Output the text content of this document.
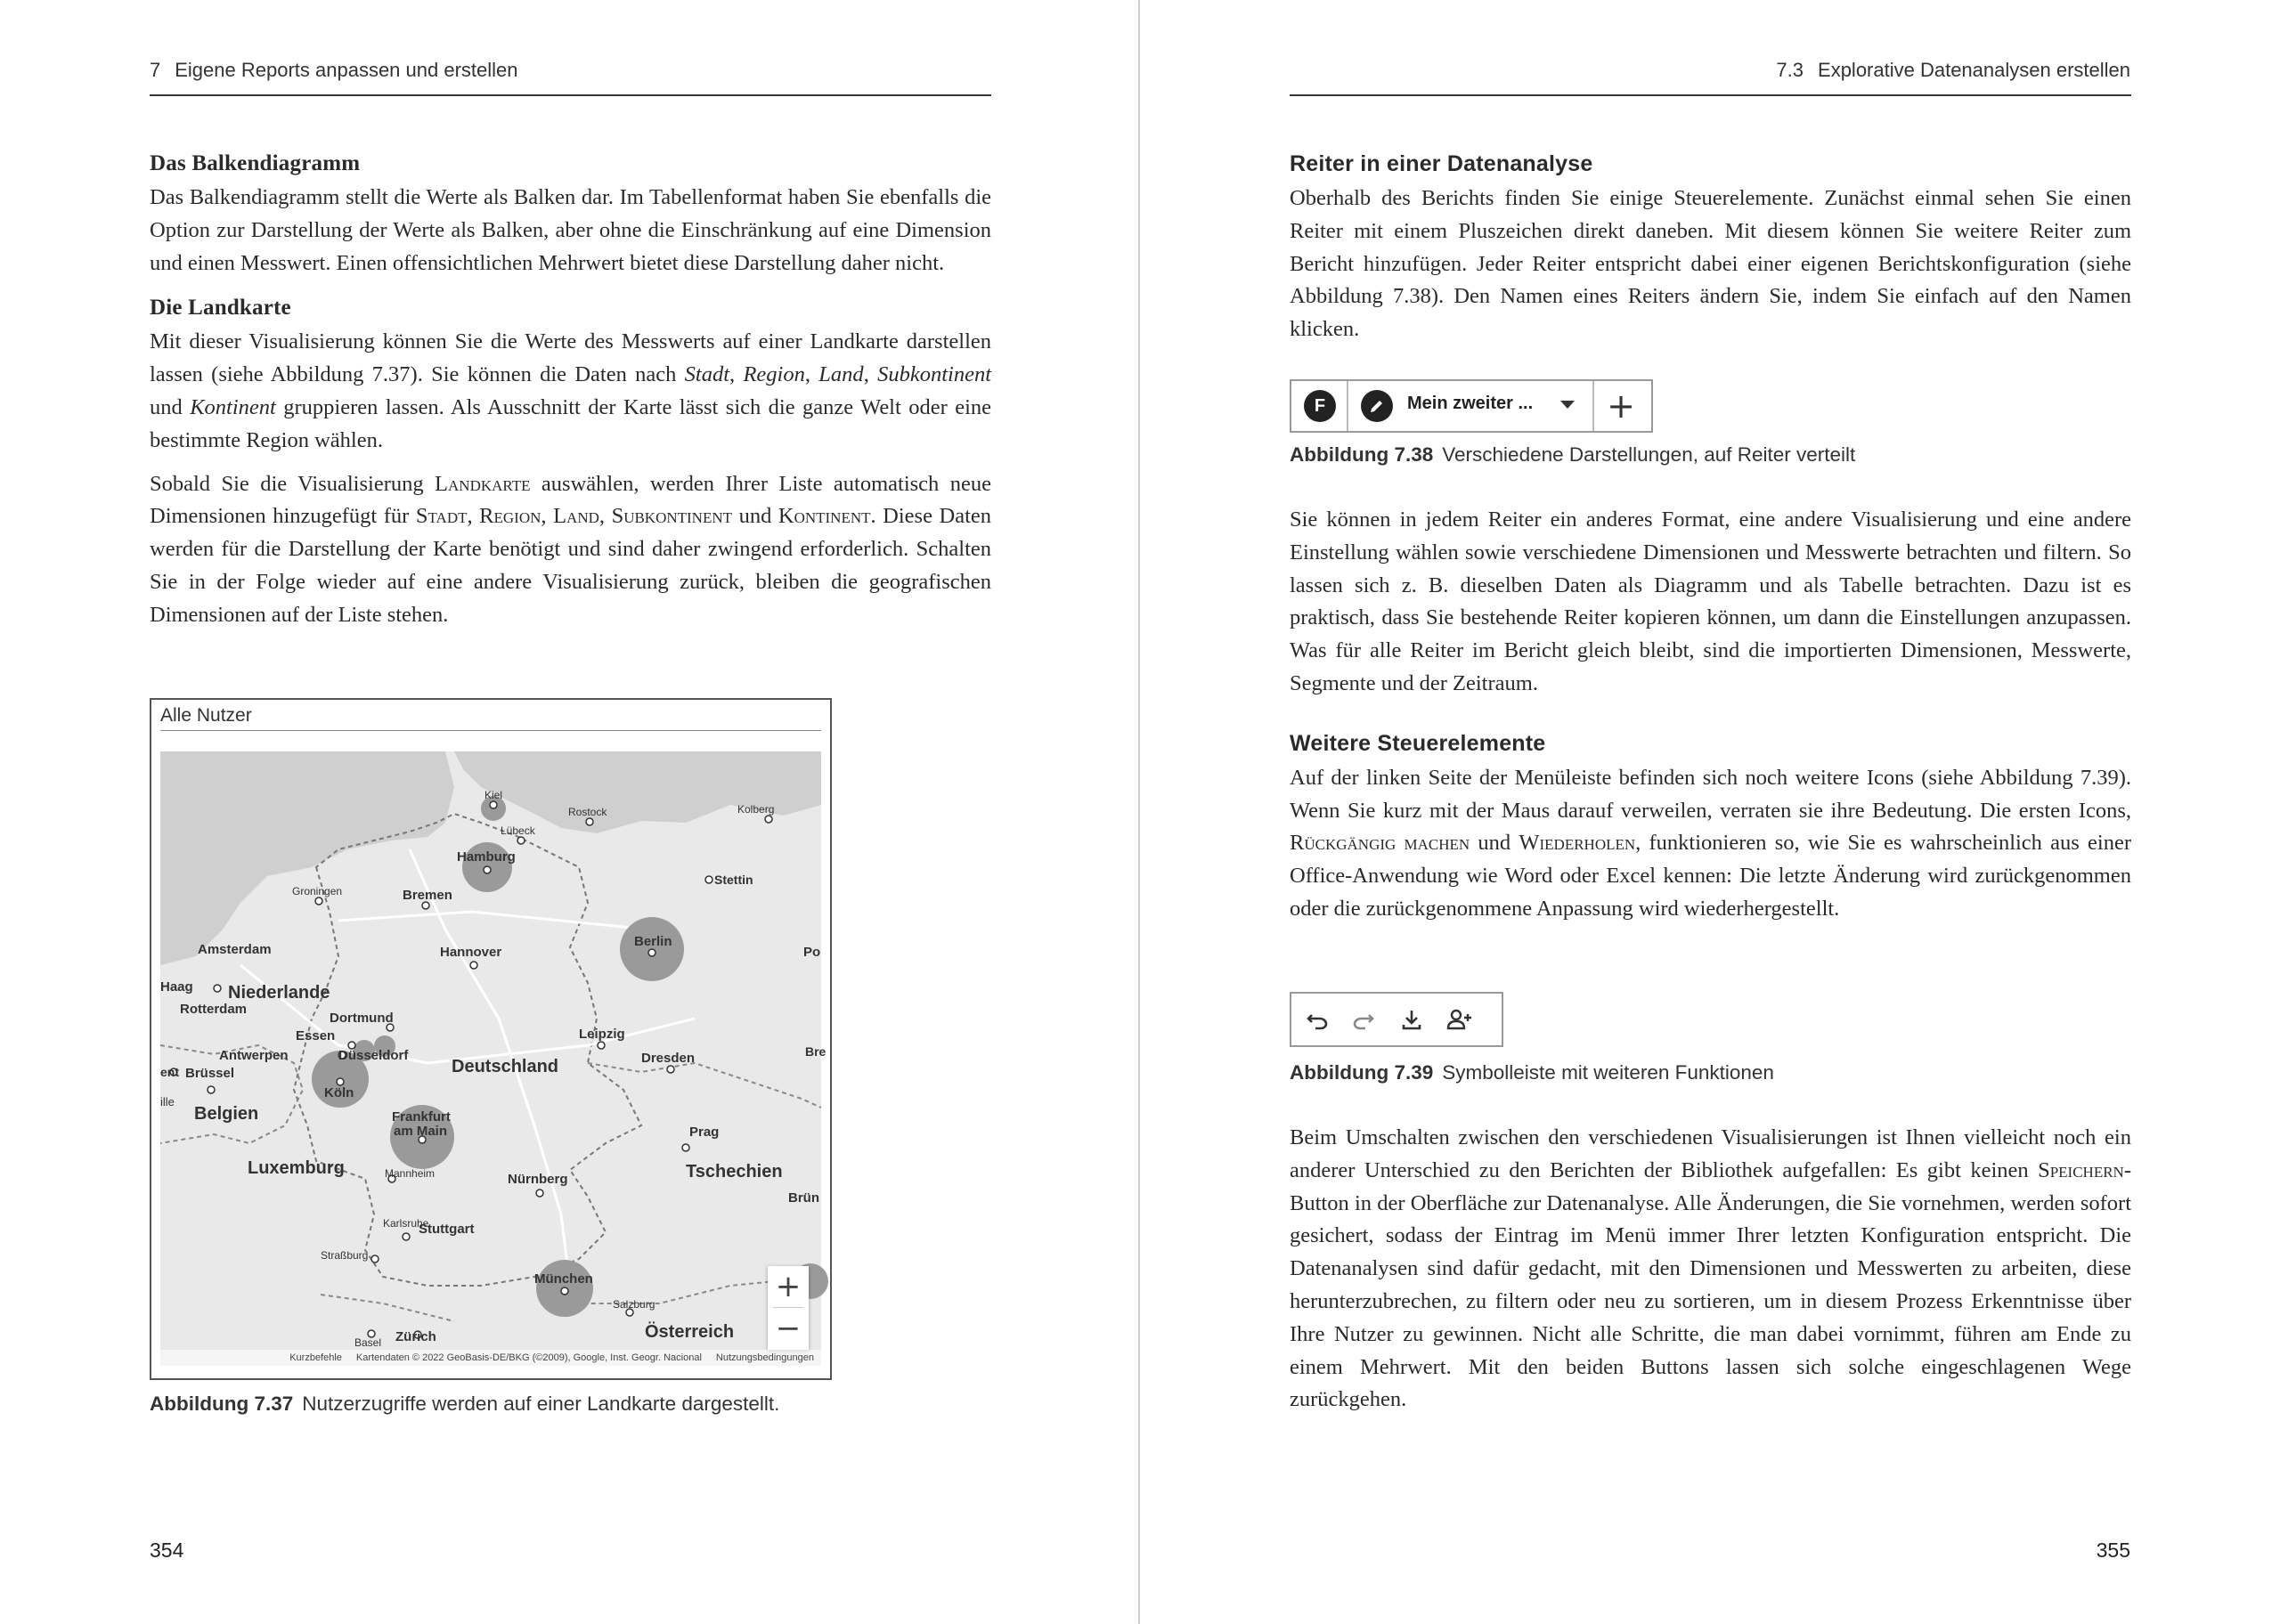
7 Eigene Reports anpassen und erstellen
Das Balkendiagramm
Das Balkendiagramm stellt die Werte als Balken dar. Im Tabellenformat haben Sie ebenfalls die Option zur Darstellung der Werte als Balken, aber ohne die Einschränkung auf eine Dimension und einen Messwert. Einen offensichtlichen Mehrwert bietet diese Darstellung daher nicht.
Die Landkarte
Mit dieser Visualisierung können Sie die Werte des Messwerts auf einer Landkarte darstellen lassen (siehe Abbildung 7.37). Sie können die Daten nach Stadt, Region, Land, Subkontinent und Kontinent gruppieren lassen. Als Ausschnitt der Karte lässt sich die ganze Welt oder eine bestimmte Region wählen.
Sobald Sie die Visualisierung Landkarte auswählen, werden Ihrer Liste automatisch neue Dimensionen hinzugefügt für Stadt, Region, Land, Subkontinent und Kontinent. Diese Daten werden für die Darstellung der Karte benötigt und sind daher zwingend erforderlich. Schalten Sie in der Folge wieder auf eine andere Visualisierung zurück, bleiben die geografischen Dimensionen auf der Liste stehen.
Alle Nutzer
Kiel
Rostock	Kolberg
Lübeck
Hamburg
Stettin
Groningen	Bremen
Amsterdam	Hannover
Berlin
Po
Haag Niederlande
Rotterdam
Dortmund
Essen
Düsseldorf
Leipzig
Antwerpen
ent Brüssel	Deutschland	Dresden	Bre
Köln
ille
Belgien	Frankfurt
am Main	Prag
Luxemburg	Mannheim	Nürnberg	Tschechien
Brün
Karlsruhe
Stuttgart
Straßburg
München
Salzburg
Basel Zürich	Österreich
+
−
Kurzbefehle Kartendaten © 2022 GeoBasis-DE/BKG (©2009), Google, Inst. Geogr. Nacional Nutzungsbedingungen
Abbildung 7.37 Nutzerzugriffe werden auf einer Landkarte dargestellt.
354
7.3 Explorative Datenanalysen erstellen
Reiter in einer Datenanalyse
Oberhalb des Berichts finden Sie einige Steuerelemente. Zunächst einmal sehen Sie einen Reiter mit einem Pluszeichen direkt daneben. Mit diesem können Sie weitere Reiter zum Bericht hinzufügen. Jeder Reiter entspricht dabei einer eigenen Berichtskonfiguration (siehe Abbildung 7.38). Den Namen eines Reiters ändern Sie, indem Sie einfach auf den Namen klicken.
F	Mein zweiter ...	+
Abbildung 7.38 Verschiedene Darstellungen, auf Reiter verteilt
Sie können in jedem Reiter ein anderes Format, eine andere Visualisierung und eine andere Einstellung wählen sowie verschiedene Dimensionen und Messwerte betrachten und filtern. So lassen sich z. B. dieselben Daten als Diagramm und als Tabelle betrachten. Dazu ist es praktisch, dass Sie bestehende Reiter kopieren können, um dann die Einstellungen anzupassen. Was für alle Reiter im Bericht gleich bleibt, sind die importierten Dimensionen, Messwerte, Segmente und der Zeitraum.
Weitere Steuerelemente
Auf der linken Seite der Menüleiste befinden sich noch weitere Icons (siehe Abbildung 7.39). Wenn Sie kurz mit der Maus darauf verweilen, verraten sie ihre Bedeutung. Die ersten Icons, Rückgängig machen und Wiederholen, funktionieren so, wie Sie es wahrscheinlich aus einer Office-Anwendung wie Word oder Excel kennen: Die letzte Änderung wird zurückgenommen oder die zurückgenommene Anpassung wird wiederhergestellt.
Abbildung 7.39 Symbolleiste mit weiteren Funktionen
Beim Umschalten zwischen den verschiedenen Visualisierungen ist Ihnen vielleicht noch ein anderer Unterschied zu den Berichten der Bibliothek aufgefallen: Es gibt keinen Speichern-Button in der Oberfläche zur Datenanalyse. Alle Änderungen, die Sie vornehmen, werden sofort gesichert, sodass der Eintrag im Menü immer Ihrer letzten Konfiguration entspricht. Die Datenanalysen sind dafür gedacht, mit den Dimensionen und Messwerten zu arbeiten, diese herunterzubrechen, zu filtern oder neu zu sortieren, um in diesem Prozess Erkenntnisse über Ihre Nutzer zu gewinnen. Nicht alle Schritte, die man dabei vornimmt, führen am Ende zu einem Mehrwert. Mit den beiden Buttons lassen sich solche eingeschlagenen Wege zurückgehen.
355
